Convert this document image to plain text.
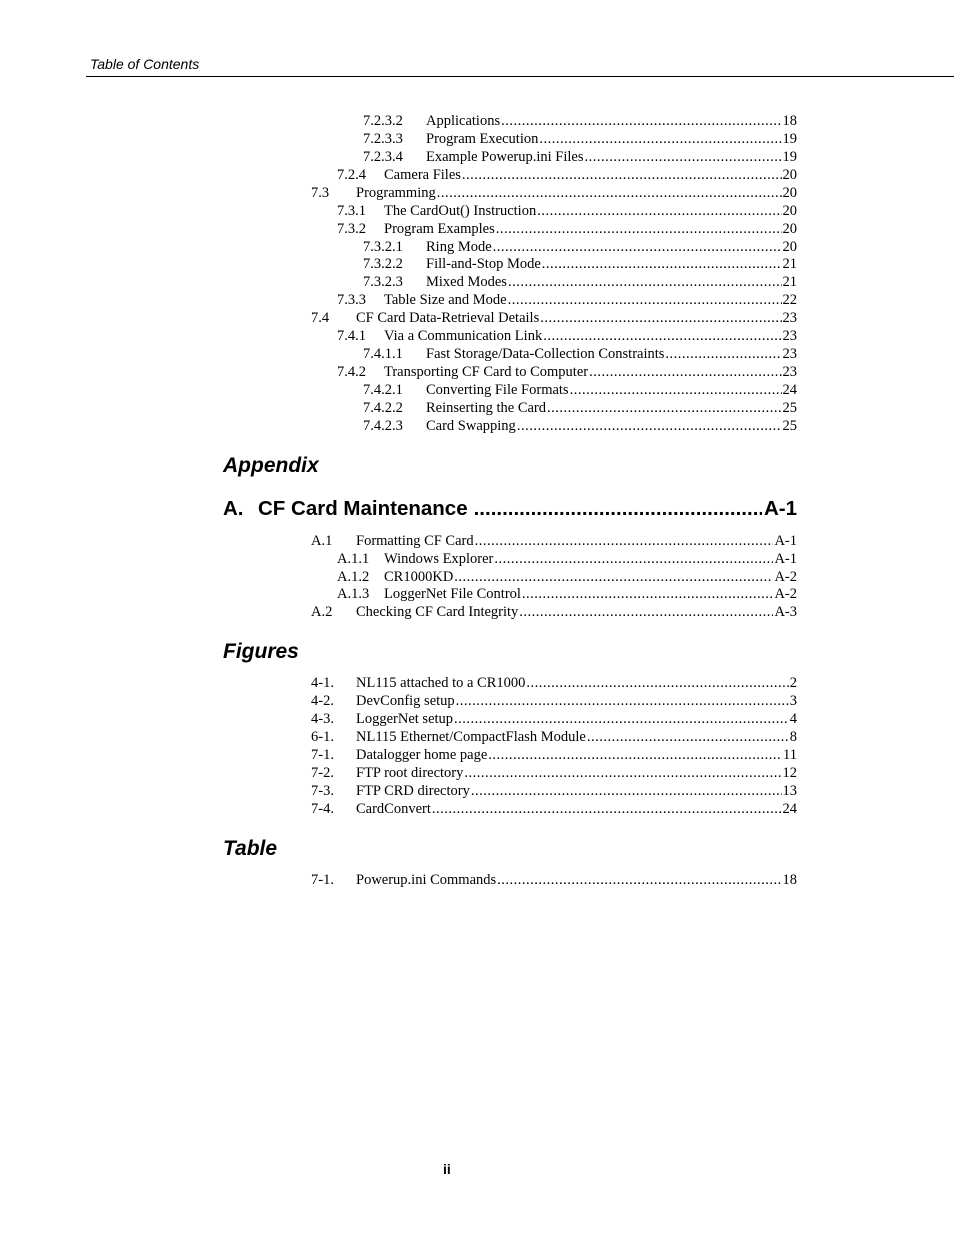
Table of Contents
7.2.3.2 Applications .....	18
7.2.3.3 Program Execution .....	19
7.2.3.4 Example Powerup.ini Files .....	19
7.2.4 Camera Files .....	20
7.3 Programming .....	20
7.3.1 The CardOut() Instruction .....	20
7.3.2 Program Examples .....	20
7.3.2.1 Ring Mode .....	20
7.3.2.2 Fill-and-Stop Mode .....	21
7.3.2.3 Mixed Modes .....	21
7.3.3 Table Size and Mode .....	22
7.4 CF Card Data-Retrieval Details .....	23
7.4.1 Via a Communication Link .....	23
7.4.1.1 Fast Storage/Data-Collection Constraints .....	23
7.4.2 Transporting CF Card to Computer .....	23
7.4.2.1 Converting File Formats .....	24
7.4.2.2 Reinserting the Card .....	25
7.4.2.3 Card Swapping .....	25
Appendix
A. CF Card Maintenance .....	A-1
A.1 Formatting CF Card .....	A-1
A.1.1 Windows Explorer .....	A-1
A.1.2 CR1000KD .....	A-2
A.1.3 LoggerNet File Control .....	A-2
A.2 Checking CF Card Integrity .....	A-3
Figures
4-1. NL115 attached to a CR1000 .....	2
4-2. DevConfig setup .....	3
4-3. LoggerNet setup .....	4
6-1. NL115 Ethernet/CompactFlash Module .....	8
7-1. Datalogger home page .....	11
7-2. FTP root directory .....	12
7-3. FTP CRD directory .....	13
7-4. CardConvert .....	24
Table
7-1. Powerup.ini Commands .....	18
ii
